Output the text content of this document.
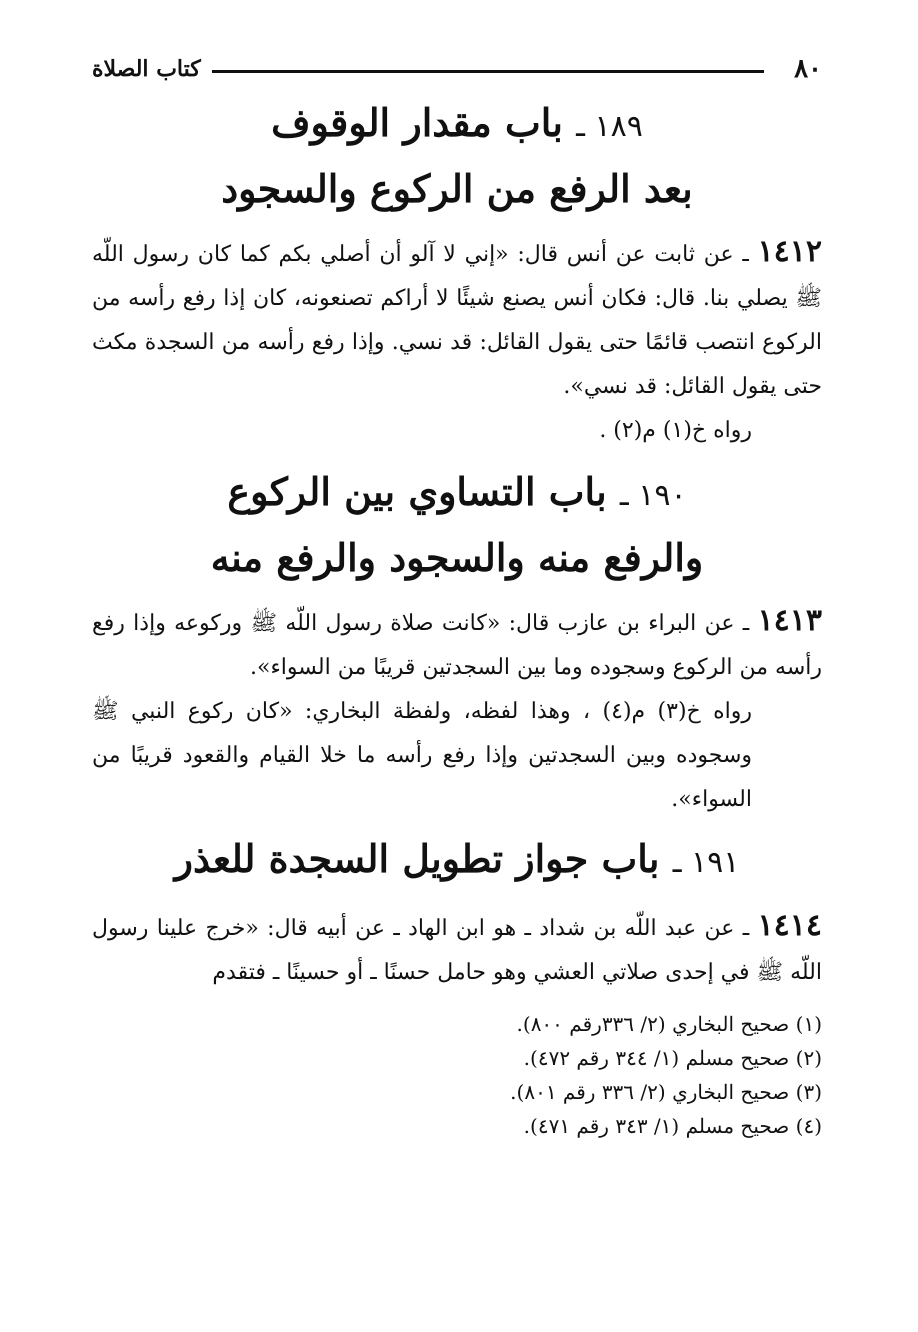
٨٠
كتاب الصلاة
١٨٩ ـ باب مقدار الوقوف
بعد الرفع من الركوع والسجود

١٤١٢ ـ عن ثابت عن أنس قال: «إني لا آلو أن أصلي بكم كما كان رسول اللّه ﷺ يصلي بنا. قال: فكان أنس يصنع شيئًا لا أراكم تصنعونه، كان إذا رفع رأسه من الركوع انتصب قائمًا حتى يقول القائل: قد نسي. وإذا رفع رأسه من السجدة مكث حتى يقول القائل: قد نسي».

رواه خ(١) م(٢) .

١٩٠ ـ باب التساوي بين الركوع
والرفع منه والسجود والرفع منه

١٤١٣ ـ عن البراء بن عازب قال: «كانت صلاة رسول اللّه ﷺ وركوعه وإذا رفع رأسه من الركوع وسجوده وما بين السجدتين قريبًا من السواء».

رواه خ(٣) م(٤) ، وهذا لفظه، ولفظة البخاري: «كان ركوع النبي ﷺ وسجوده وبين السجدتين وإذا رفع رأسه ما خلا القيام والقعود قريبًا من السواء».

١٩١ ـ باب جواز تطويل السجدة للعذر

١٤١٤ ـ عن عبد اللّه بن شداد ـ هو ابن الهاد ـ عن أبيه قال: «خرج علينا رسول اللّه ﷺ في إحدى صلاتي العشي وهو حامل حسنًا ـ أو حسينًا ـ فتقدم

(١) صحيح البخاري (٢/ ٣٣٦رقم ٨٠٠).

(٢) صحيح مسلم (١/ ٣٤٤ رقم ٤٧٢).

(٣) صحيح البخاري (٢/ ٣٣٦ رقم ٨٠١).

(٤) صحيح مسلم (١/ ٣٤٣ رقم ٤٧١).
